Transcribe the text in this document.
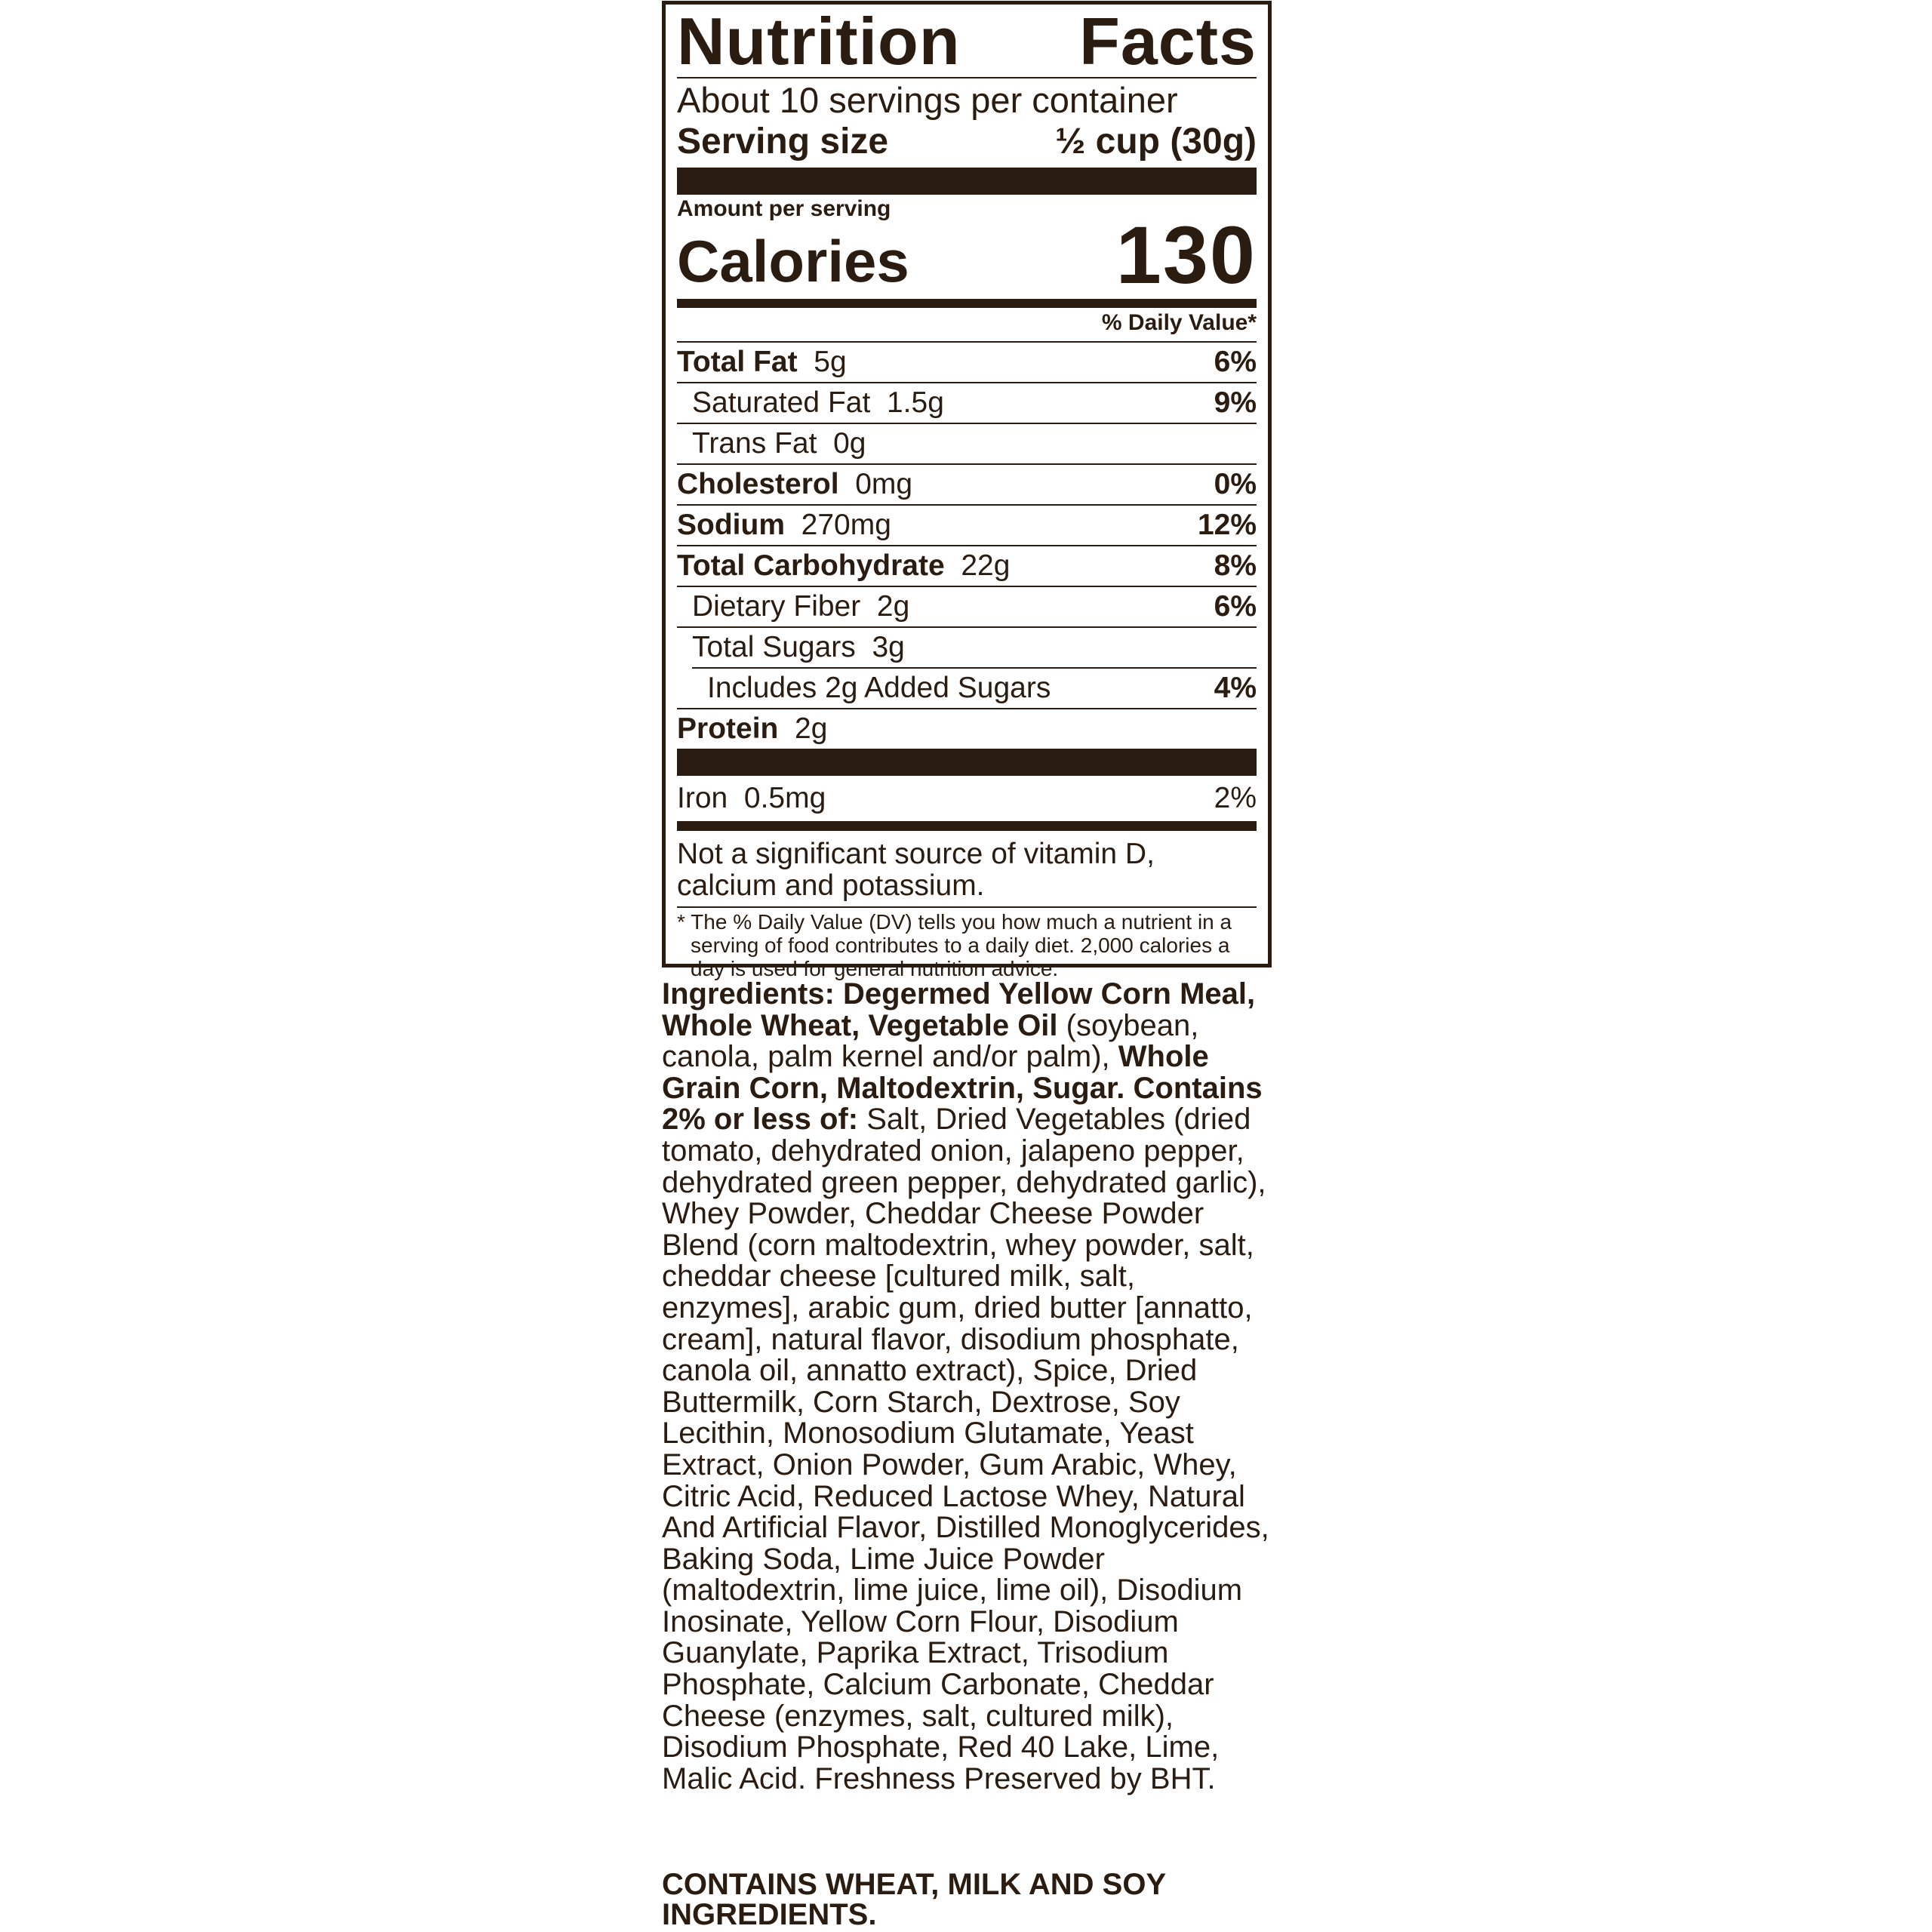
Nutrition Facts
About 10 servings per container
Serving size	½ cup (30g)
Amount per serving
Calories	130
% Daily Value*
Total Fat 5g	6%
Saturated Fat 1.5g	9%
Trans Fat 0g
Cholesterol 0mg	0%
Sodium 270mg	12%
Total Carbohydrate 22g	8%
Dietary Fiber 2g	6%
Total Sugars 3g
Includes 2g Added Sugars	4%
Protein 2g
Iron 0.5mg	2%
Not a significant source of vitamin D, calcium and potassium.
* The % Daily Value (DV) tells you how much a nutrient in a serving of food contributes to a daily diet. 2,000 calories a day is used for general nutrition advice.
Ingredients: Degermed Yellow Corn Meal, Whole Wheat, Vegetable Oil (soybean, canola, palm kernel and/or palm), Whole Grain Corn, Maltodextrin, Sugar. Contains 2% or less of: Salt, Dried Vegetables (dried tomato, dehydrated onion, jalapeno pepper, dehydrated green pepper, dehydrated garlic), Whey Powder, Cheddar Cheese Powder Blend (corn maltodextrin, whey powder, salt, cheddar cheese [cultured milk, salt, enzymes], arabic gum, dried butter [annatto, cream], natural flavor, disodium phosphate, canola oil, annatto extract), Spice, Dried Buttermilk, Corn Starch, Dextrose, Soy Lecithin, Monosodium Glutamate, Yeast Extract, Onion Powder, Gum Arabic, Whey, Citric Acid, Reduced Lactose Whey, Natural And Artificial Flavor, Distilled Monoglycerides, Baking Soda, Lime Juice Powder (maltodextrin, lime juice, lime oil), Disodium Inosinate, Yellow Corn Flour, Disodium Guanylate, Paprika Extract, Trisodium Phosphate, Calcium Carbonate, Cheddar Cheese (enzymes, salt, cultured milk), Disodium Phosphate, Red 40 Lake, Lime, Malic Acid. Freshness Preserved by BHT.
CONTAINS WHEAT, MILK AND SOY INGREDIENTS.
